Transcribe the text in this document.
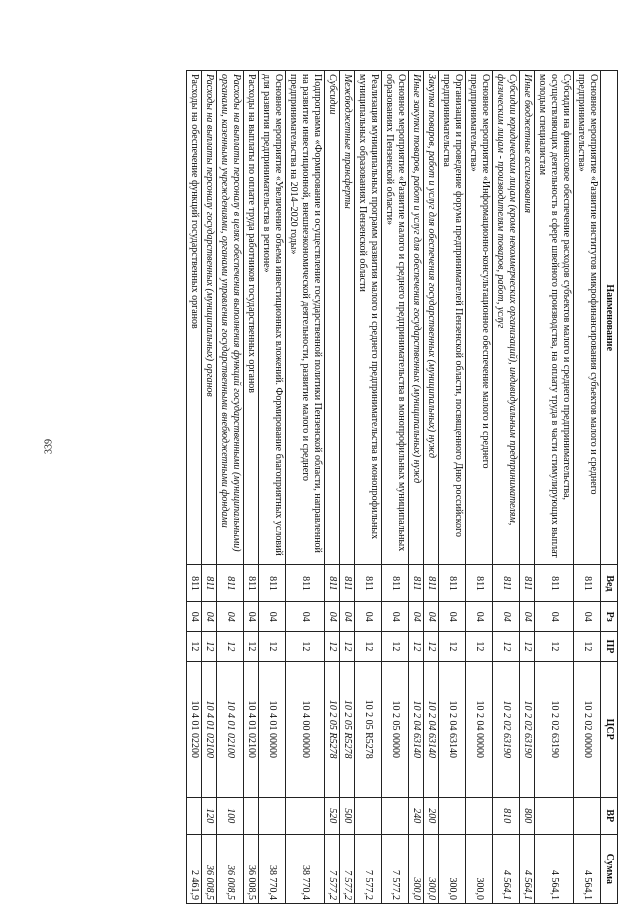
339
Наименование	Вед	Рз	ПР	ЦСР	ВР	Сумма
Основное мероприятие «Развитие институтов микрофинансирования субъектов малого и среднего предпринимательства»	811	04	12	10 2 02 00000		4 564,1
Субсидии на финансовое обеспечение расходов субъектов малого и среднего предпринимательства, осуществляющих деятельность в сфере швейного производства, на оплату труда в части стимулирующих выплат молодым специалистам	811	04	12	10 2 02 63190		4 564,1
Иные бюджетные ассигнования	811	04	12	10 2 02 63190	800	4 564,1
Субсидии юридическим лицам (кроме некоммерческих организаций), индивидуальным предпринимателям, физическим лицам - производителям товаров, работ, услуг	811	04	12	10 2 02 63190	810	4 564,1
Основное мероприятие «Информационно-консультационное обеспечение малого и среднего предпринимательства»	811	04	12	10 2 04 00000		300,0
Организация и проведение форума предпринимателей Пензенской области, посвященного Дню российского предпринимательства	811	04	12	10 2 04 63140		300,0
Закупка товаров, работ и услуг для обеспечения государственных (муниципальных) нужд	811	04	12	10 2 04 63140	200	300,0
Иные закупки товаров, работ и услуг для обеспечения государственных (муниципальных) нужд	811	04	12	10 2 04 63140	240	300,0
Основное мероприятие «Развитие малого и среднего предпринимательства в монопрофильных муниципальных образованиях Пензенской области»	811	04	12	10 2 05 00000		7 577,2
Реализация муниципальных программ развития малого и среднего предпринимательства в монопрофильных муниципальных образованиях Пензенской области	811	04	12	10 2 05 R5278		7 577,2
Межбюджетные трансферты	811	04	12	10 2 05 R5278	500	7 577,2
Субсидии	811	04	12	10 2 05 R5278	520	7 577,2
Подпрограмма «Формирование и осуществление государственной политики Пензенской области, направленной на развитие инвестиционной, внешнеэкономической деятельности, развитие малого и среднего предпринимательства на 2014–2020 годы»	811	04	12	10 4 00 00000		38 770,4
Основное мероприятие «Увеличение объема инвестиционных вложений. Формирование благоприятных условий для развития предпринимательства в регионе»	811	04	12	10 4 01 00000		38 770,4
Расходы на выплаты по оплате труда работников государственных органов	811	04	12	10 4 01 02100		36 008,5
Расходы на выплаты персоналу в целях обеспечения выполнения функций государственными (муниципальными) органами, казенными учреждениями, органами управления государственными внебюджетными фондами	811	04	12	10 4 01 02100	100	36 008,5
Расходы на выплаты персоналу государственных (муниципальных) органов	811	04	12	10 4 01 02100	120	36 008,5
Расходы на обеспечение функций государственных органов	811	04	12	10 4 01 02200		2 461,9
